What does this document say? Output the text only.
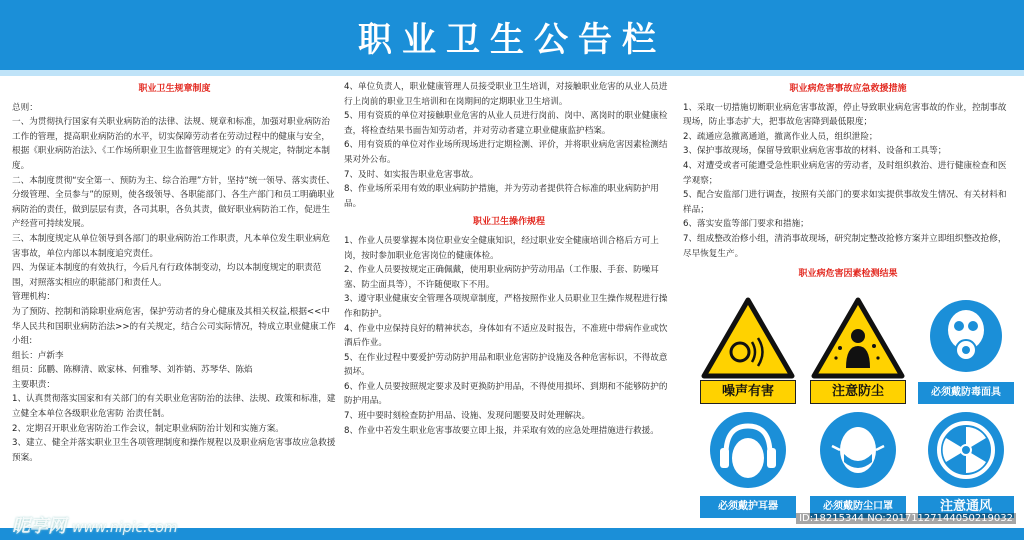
职业卫生公告栏
职业卫生规章制度

总则：

一、为贯彻执行国家有关职业病防治的法律、法规、规章和标准，加强对职业病防治工作的管理，提高职业病防治的水平，切实保障劳动者在劳动过程中的健康与安全，根据《职业病防治法》、《工作场所职业卫生监督管理规定》的有关规定，特制定本制度。

二、本制度贯彻“安全第一、预防为主、综合治理”方针，坚持“统一领导、落实责任、分级管理、全员参与”的原则，使各级领导、各职能部门、各生产部门和员工明确职业病防治的责任，做到层层有责，各司其职，各负其责，做好职业病防治工作，促进生产经营可持续发展。

三、本制度规定从单位领导到各部门的职业病防治工作职责，凡本单位发生职业病危害事故，单位内部以本制度追究责任。

四、为保证本制度的有效执行，今后凡有行政体制变动，均以本制度规定的职责范围，对照落实相应的职能部门和责任人。

管理机构：

为了预防、控制和消除职业病危害，保护劳动者的身心健康及其相关权益,根据<<中华人民共和国职业病防治法>>的有关规定，结合公司实际情况，特成立职业健康工作小组:

组长：卢新李

组员：邱鹏、陈柳清、欧家林、何雅琴、刘祚销、苏琴华、陈焰

主要职责：

1、认真贯彻落实国家和有关部门的有关职业危害防治的法律、法规、政策和标准，建立健全本单位各级职业危害防 治责任制。

2、定期召开职业危害防治工作会议，制定职业病防治计划和实施方案。

3、建立、健全并落实职业卫生各项管理制度和操作规程以及职业病危害事故应急救援预案。

4、单位负责人，职业健康管理人员接受职业卫生培训，对接触职业危害的从业人员进行上岗前的职业卫生培训和在岗期间的定期职业卫生培训。

5、用有资质的单位对接触职业危害的从业人员进行岗前、岗中、离岗时的职业健康检查，将检查结果书面告知劳动者，并对劳动者建立职业健康监护档案。

6、用有资质的单位对作业场所现场进行定期检测、评价，并将职业病危害因素检测结果对外公布。

7、及时、如实报告职业危害事故。

8、作业场所采用有效的职业病防护措施，并为劳动者提供符合标准的职业病防护用品。

职业卫生操作规程

1、作业人员要掌握本岗位职业安全健康知识，经过职业安全健康培训合格后方可上岗，按时参加职业危害岗位的健康体检。

2、作业人员要按规定正确佩戴，使用职业病防护劳动用品（工作服、手套、防噪耳塞、防尘面具等），不许随便取下不用。

3、遵守职业健康安全管理各项规章制度，严格按照作业人员职业卫生操作规程进行操作和防护。

4、作业中应保持良好的精神状态，身体如有不适应及时报告，不准班中带病作业或饮酒后作业。

5、在作业过程中要爱护劳动防护用品和职业危害防护设施及各种危害标识，不得故意损坏。

6、作业人员要按照规定要求及时更换防护用品，不得使用损坏、到期和不能够防护的防护用品。

7、班中要时刻检查防护用品、设施、发现问题要及时处理解决。

8、作业中若发生职业危害事故要立即上报，并采取有效的应急处理措施进行救援。

职业病危害事故应急救援措施

1、采取一切措施切断职业病危害事故源，停止导致职业病危害事故的作业，控制事故现场，防止事态扩大，把事故危害降到最低限度；

2、疏通应急撤离通道，撤离作业人员，组织泄险；

3、保护事故现场，保留导致职业病危害事故的材料、设备和工具等；

4、对遭受或者可能遭受急性职业病危害的劳动者，及时组织救治、进行健康检查和医学观察；

5、配合安监部门进行调查，按照有关部门的要求如实提供事故发生情况、有关材料和样品；

6、落实安监等部门要求和措施；

7、组成整改治修小组，清消事故现场，研究制定整改抢修方案并立即组织整改抢修，尽早恢复生产。

职业病危害因素检测结果
噪声有害	注意防尘	必须戴防毒面具
必须戴护耳器	必须戴防尘口罩	注意通风
昵享网 www.nipic.com
ID:18215344 NO:20171127144050219032
